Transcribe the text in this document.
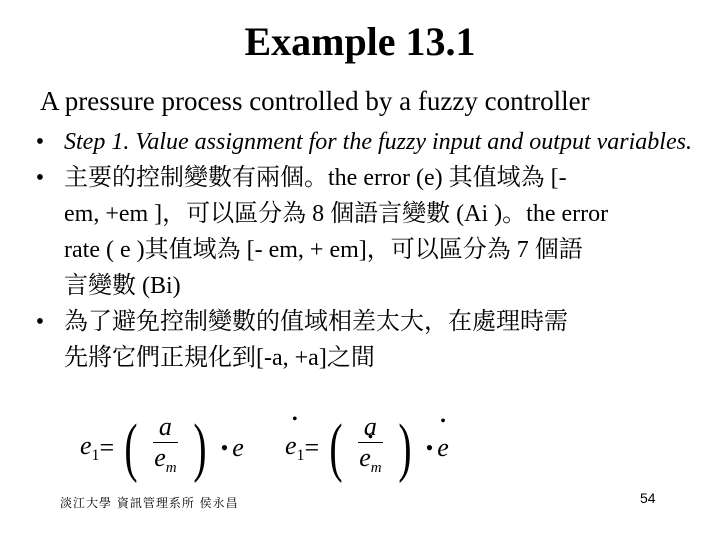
Example 13.1
A pressure process controlled by a fuzzy controller
• Step 1. Value assignment for the fuzzy input and output variables.
• 主要的控制變數有兩個。the error (e) 其值域為 [-
em, +em ]，可以區分為 8 個語言變數 (Ai )。the error
rate ( e )其值域為 [- em, + em]，可以區分為 7 個語
言變數 (Bi)
• 為了避免控制變數的值域相差太大，在處理時需
先將它們正規化到[-a, +a]之間
$e_1$ = ( $\frac{a}{e_m}$ ) • e • $e_1$ = ( a
• $e_m$ ) • • e
淡江大學 資訊管理系所 侯永昌	54
